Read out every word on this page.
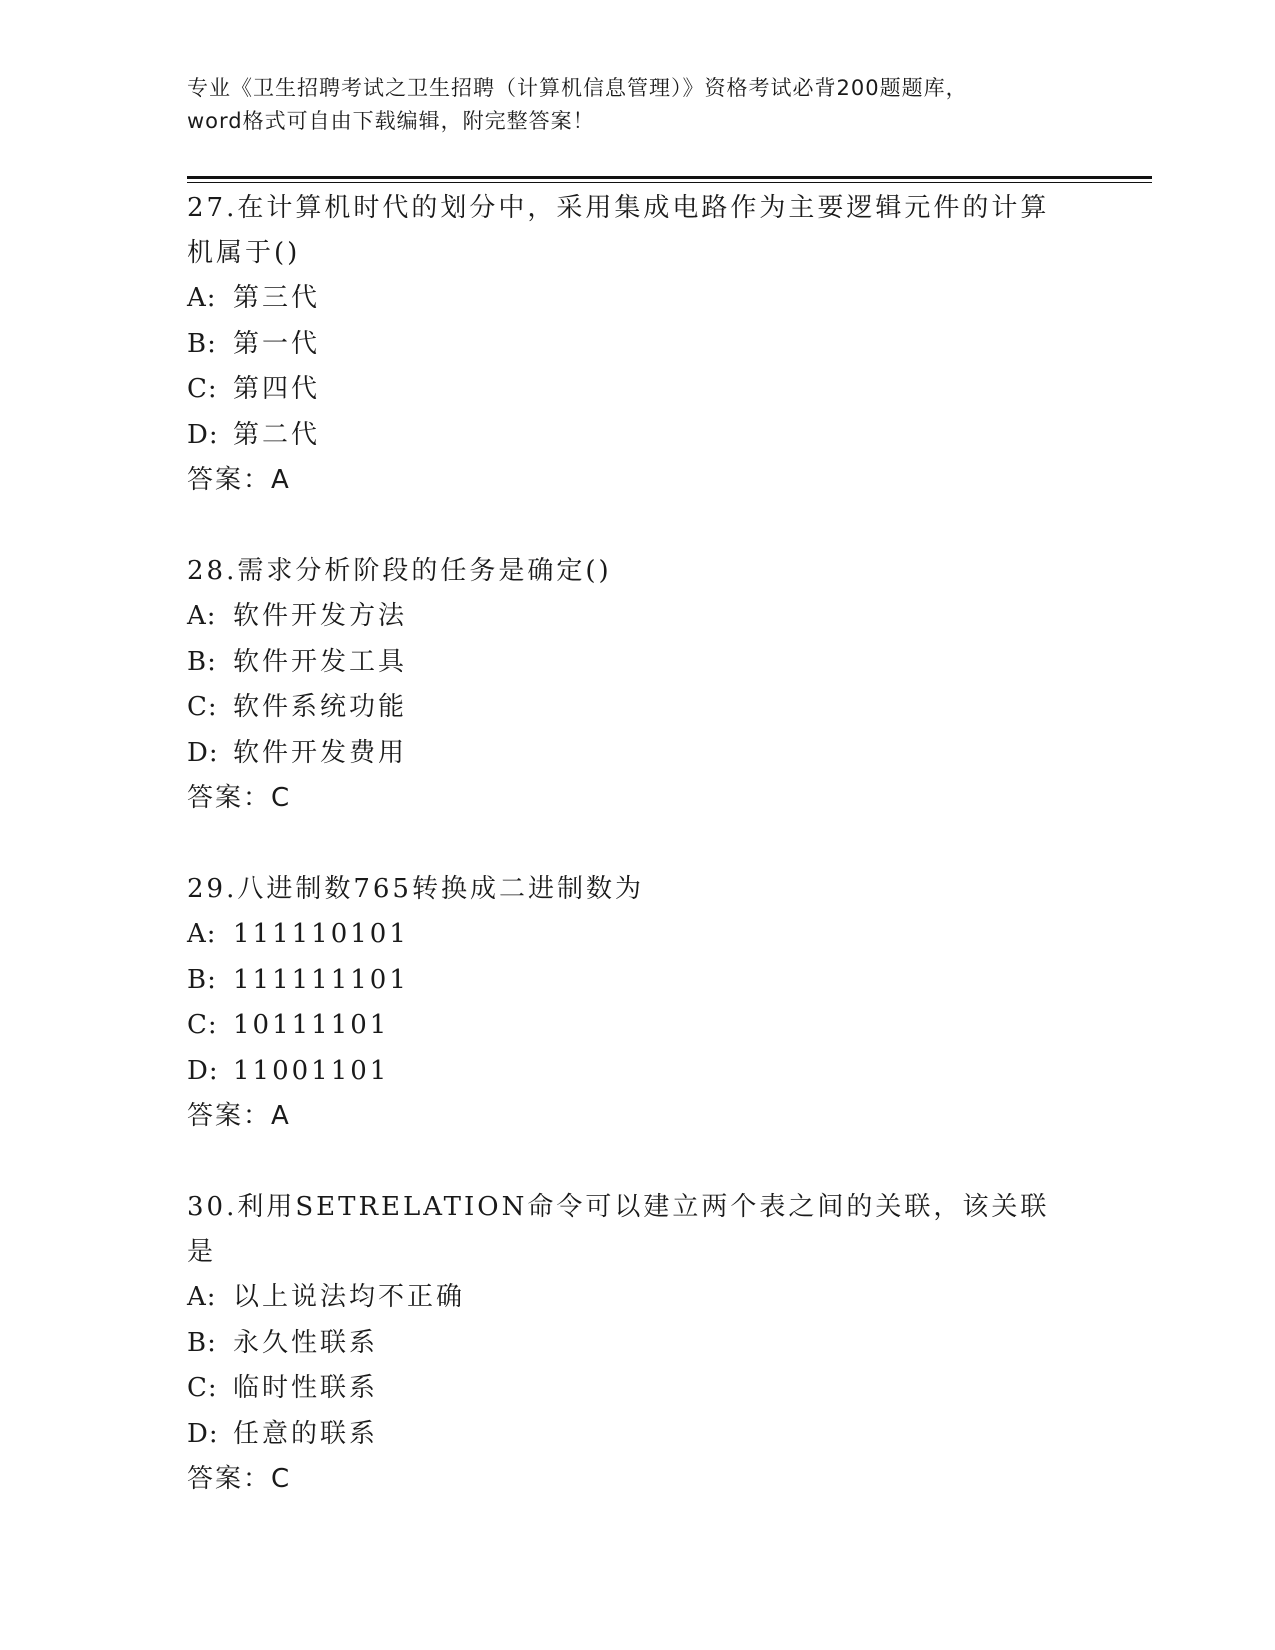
专业《卫生招聘考试之卫生招聘（计算机信息管理）》资格考试必背200题题库，
word格式可自由下载编辑，附完整答案！
27.在计算机时代的划分中，采用集成电路作为主要逻辑元件的计算机属于()
A: 第三代
B: 第一代
C: 第四代
D: 第二代
答案：A
28.需求分析阶段的任务是确定()
A: 软件开发方法
B: 软件开发工具
C: 软件系统功能
D: 软件开发费用
答案：C
29.八进制数765转换成二进制数为
A: 111110101
B: 111111101
C: 10111101
D: 11001101
答案：A
30.利用SETRELATION命令可以建立两个表之间的关联，该关联是
A: 以上说法均不正确
B: 永久性联系
C: 临时性联系
D: 任意的联系
答案：C
